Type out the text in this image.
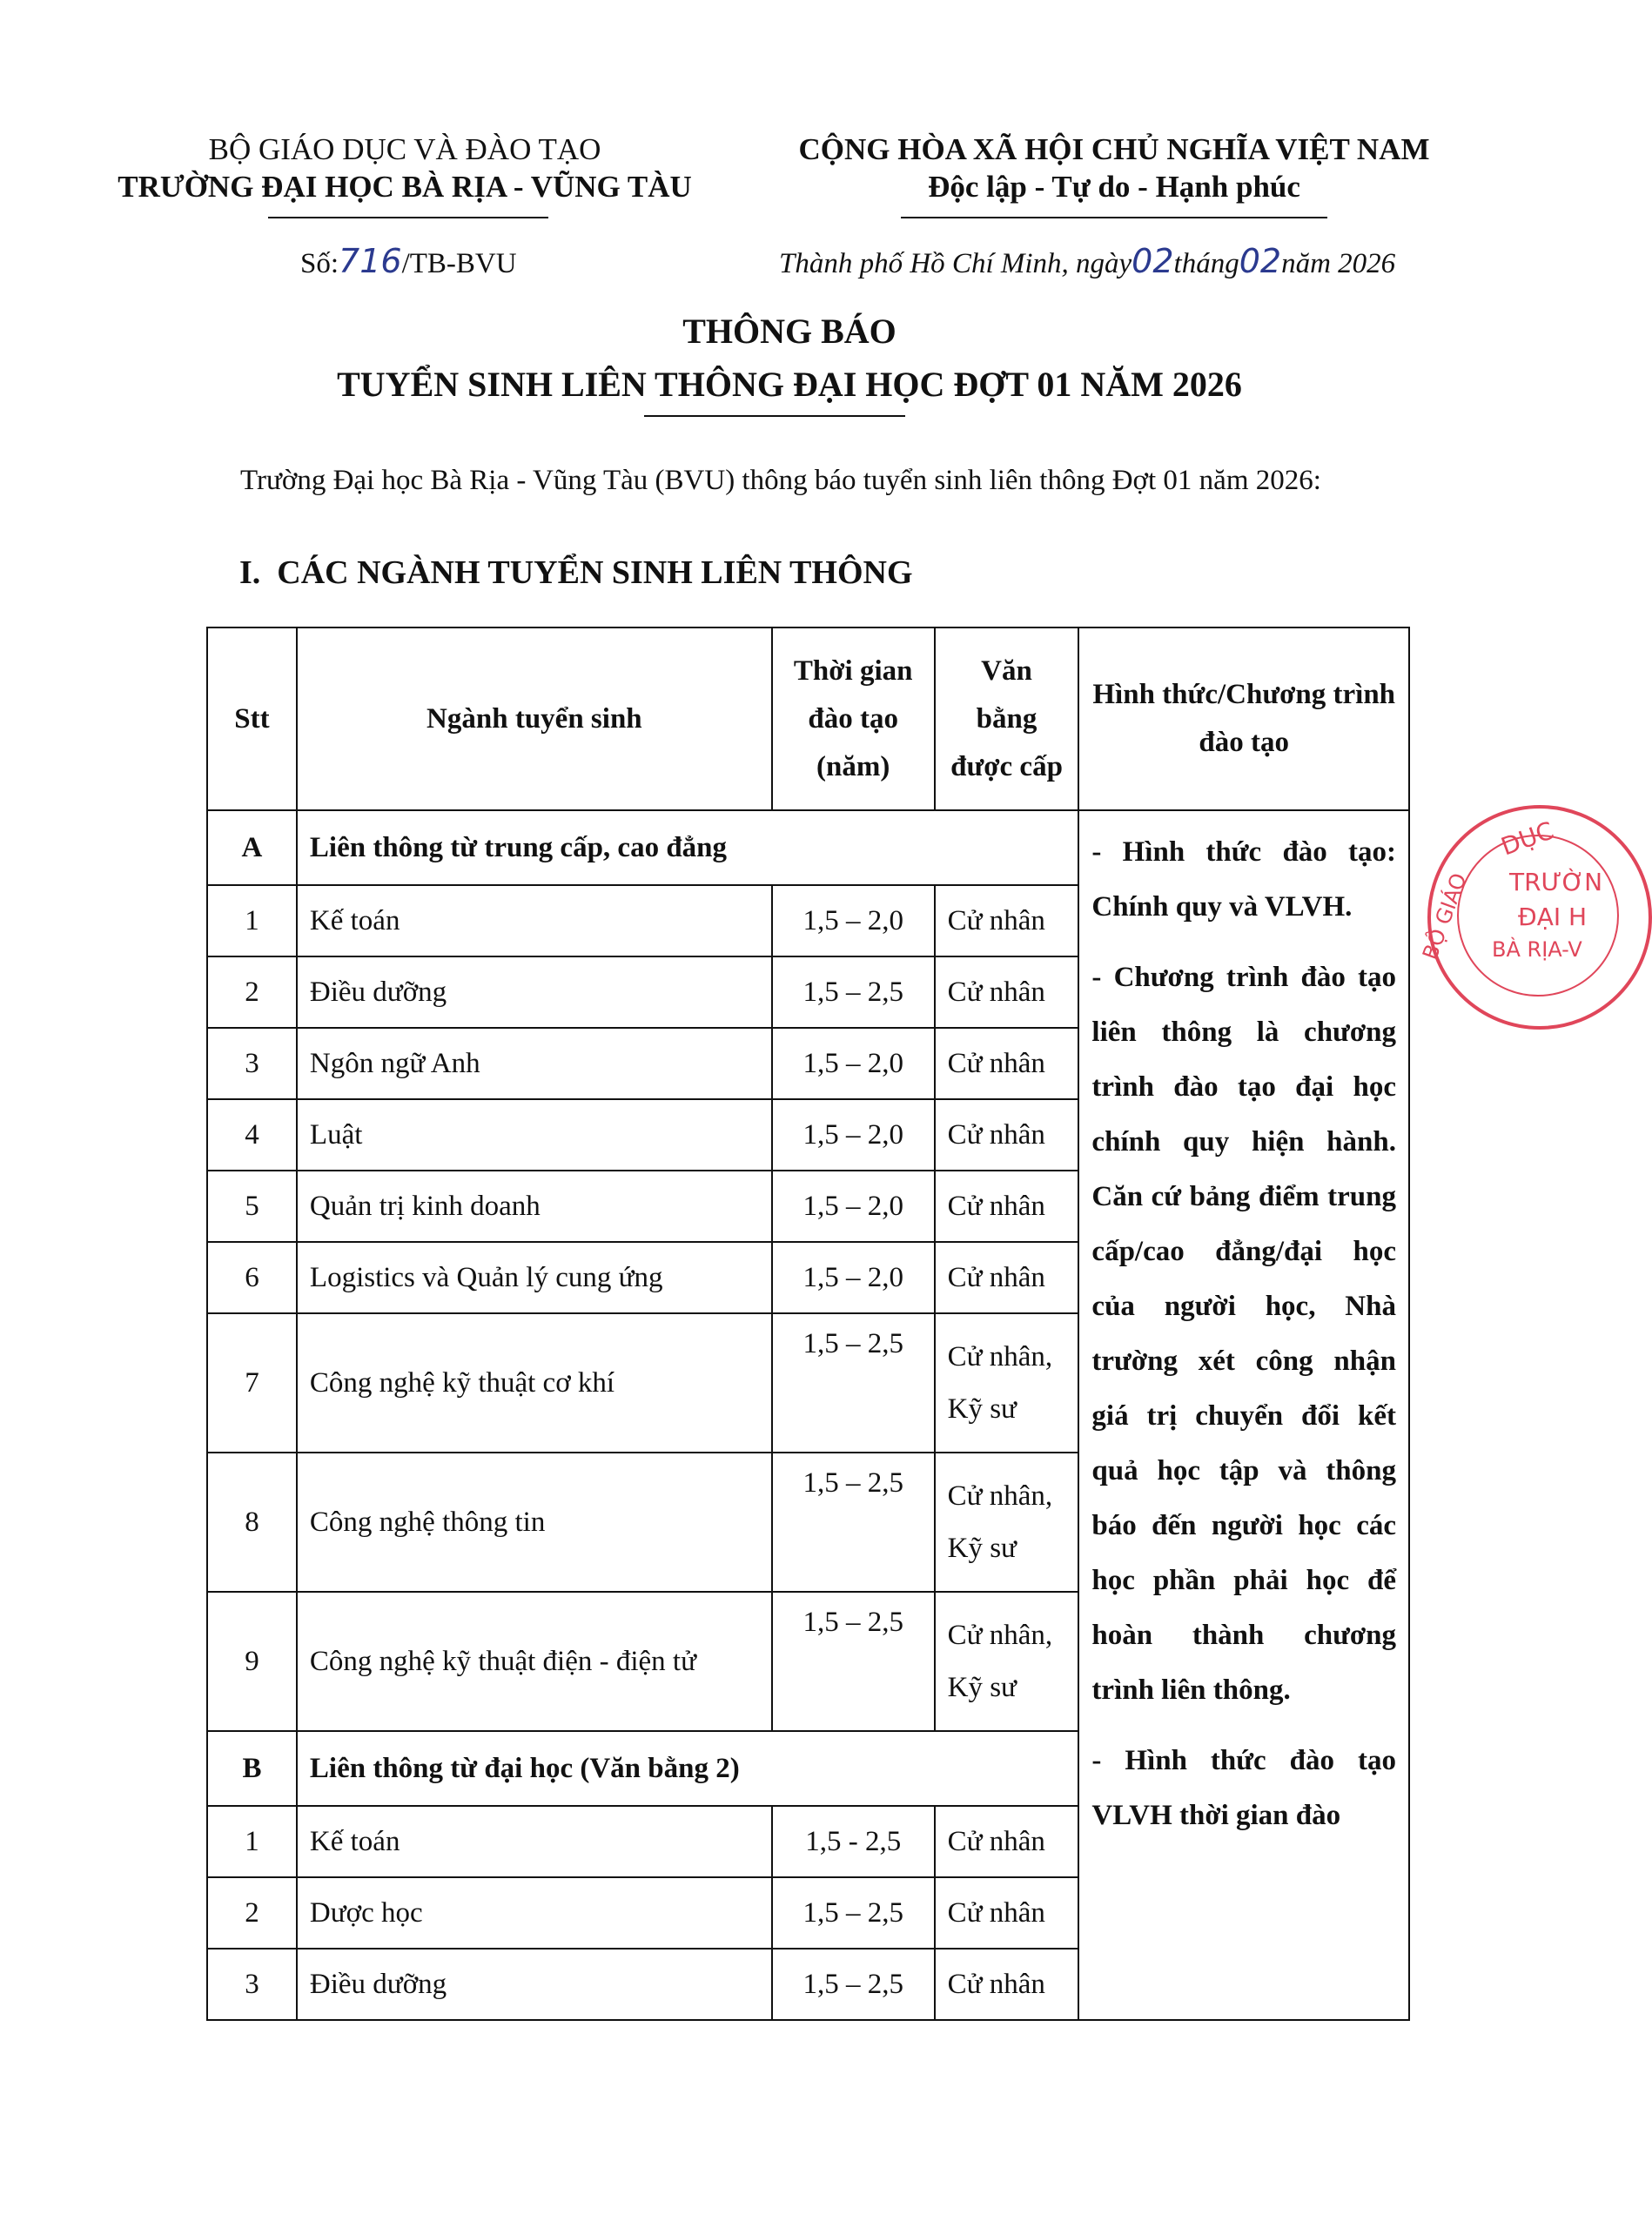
BỘ GIÁO DỤC VÀ ĐÀO TẠO
TRƯỜNG ĐẠI HỌC BÀ RỊA - VŨNG TÀU
Số:716/TB-BVU
CỘNG HÒA XÃ HỘI CHỦ NGHĨA VIỆT NAM
Độc lập - Tự do - Hạnh phúc
Thành phố Hồ Chí Minh, ngày02tháng02năm 2026
THÔNG BÁO
TUYỂN SINH LIÊN THÔNG ĐẠI HỌC ĐỢT 01 NĂM 2026
Trường Đại học Bà Rịa - Vũng Tàu (BVU) thông báo tuyển sinh liên thông Đợt 01 năm 2026:
I.  CÁC NGÀNH TUYỂN SINH LIÊN THÔNG
Stt	Ngành tuyển sinh	Thời gian đào tạo (năm)	Văn bằng được cấp	Hình thức/Chương trình đào tạo
A	Liên thông từ trung cấp, cao đẳng			- Hình thức đào tạo: Chính quy và VLVH.

- Chương trình đào tạo liên thông là chương trình đào tạo đại học chính quy hiện hành. Căn cứ bảng điểm trung cấp/cao đẳng/đại học của người học, Nhà trường xét công nhận giá trị chuyển đổi kết quả học tập và thông báo đến người học các học phần phải học để hoàn thành chương trình liên thông.

- Hình thức đào tạo VLVH thời gian đào

1	Kế toán	1,5 – 2,0	Cử nhân	
2	Điều dưỡng	1,5 – 2,5	Cử nhân	
3	Ngôn ngữ Anh	1,5 – 2,0	Cử nhân	
4	Luật	1,5 – 2,0	Cử nhân	
5	Quản trị kinh doanh	1,5 – 2,0	Cử nhân	
6	Logistics và Quản lý cung ứng	1,5 – 2,0	Cử nhân	
7	Công nghệ kỹ thuật cơ khí	1,5 – 2,5	Cử nhân, Kỹ sư	
8	Công nghệ thông tin	1,5 – 2,5	Cử nhân, Kỹ sư	
9	Công nghệ kỹ thuật điện - điện tử	1,5 – 2,5	Cử nhân, Kỹ sư	
B	Liên thông từ đại học (Văn bằng 2)			
1	Kế toán	1,5 - 2,5	Cử nhân	
2	Dược học	1,5 – 2,5	Cử nhân	
3	Điều dưỡng	1,5 – 2,5	Cử nhân	
DỤC
BỘ GIÁO TRƯỜN
ĐẠI H
BÀ RỊA-V
